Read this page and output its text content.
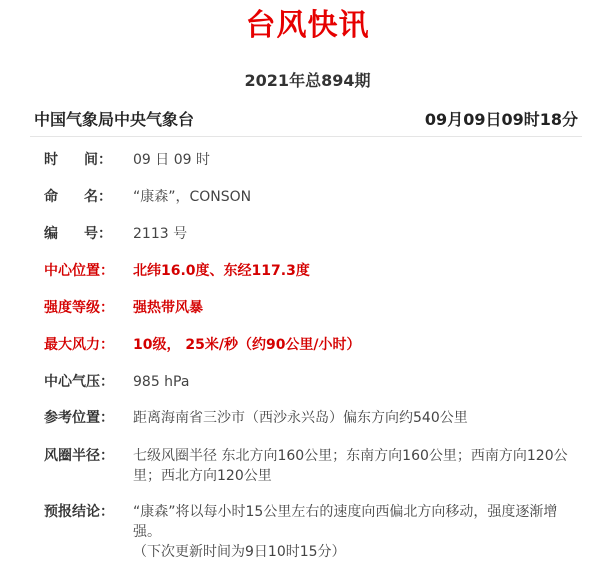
台风快讯
2021年总894期
中国气象局中央气象台	09月09日09时18分
时 间：	09 日 09 时
命 名：	“康森”，CONSON
编 号：	2113 号
中心位置：	北纬16.0度、东经117.3度
强度等级：	强热带风暴
最大风力：	10级， 25米/秒（约90公里/小时）
中心气压：	985 hPa
参考位置：	距离海南省三沙市（西沙永兴岛）偏东方向约540公里
风圈半径：	七级风圈半径 东北方向160公里；东南方向160公里；西南方向120公里；西北方向120公里
预报结论：	“康森”将以每小时15公里左右的速度向西偏北方向移动，强度逐渐增强。
（下次更新时间为9日10时15分）
